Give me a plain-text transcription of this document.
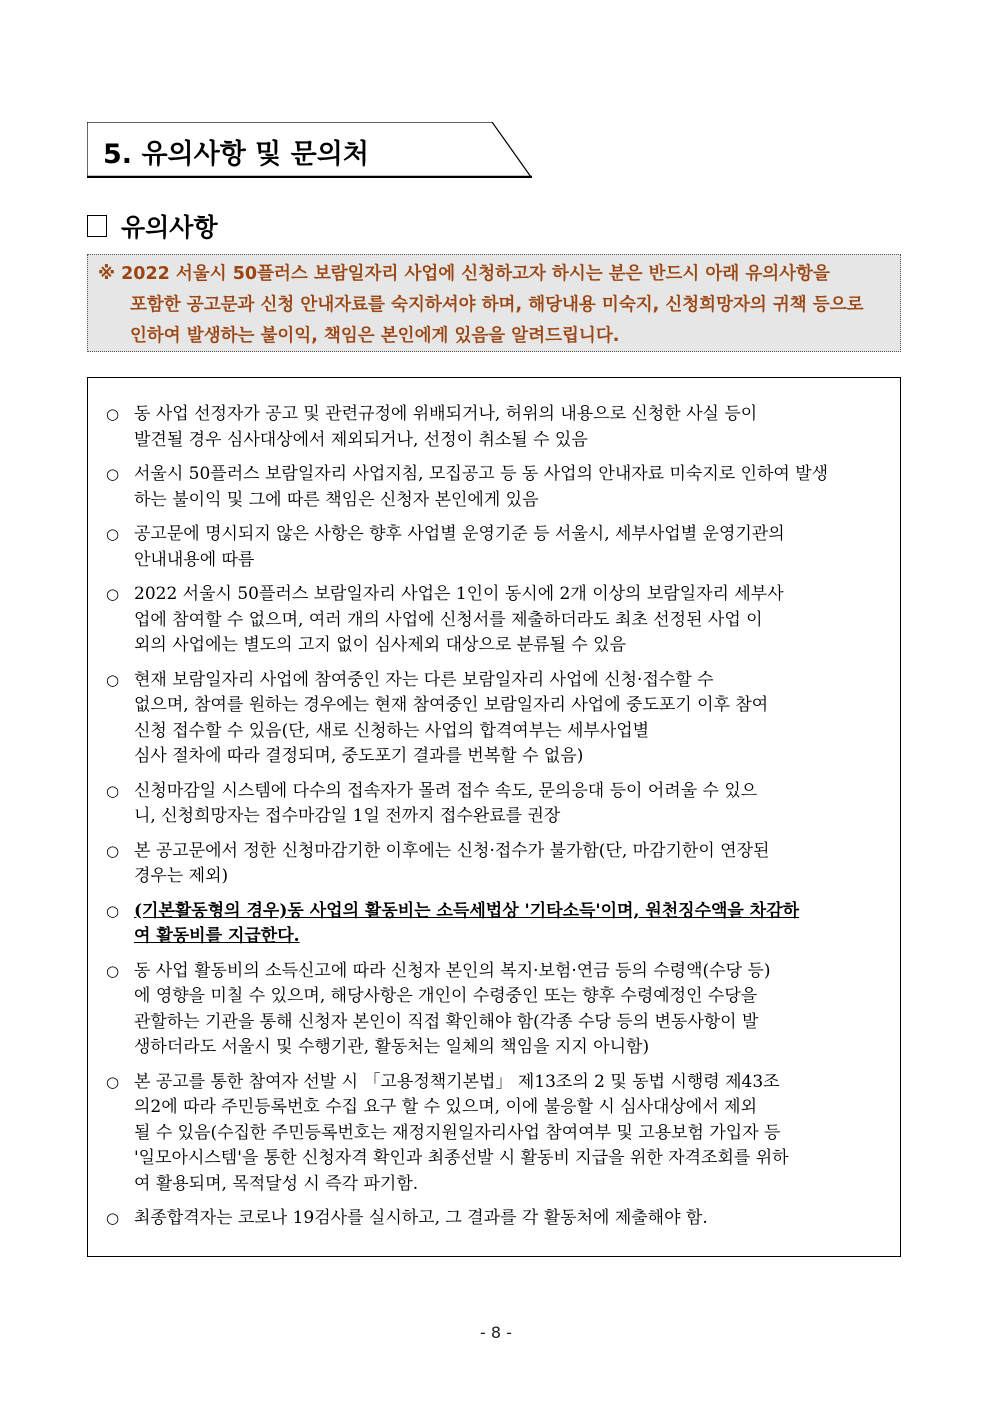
5. 유의사항 및 문의처
유의사항
※ 2022 서울시 50플러스 보람일자리 사업에 신청하고자 하시는 분은 반드시 아래 유의사항을
포함한 공고문과 신청 안내자료를 숙지하셔야 하며, 해당내용 미숙지, 신청희망자의 귀책 등으로
인하여 발생하는 불이익, 책임은 본인에게 있음을 알려드립니다.
○ 동 사업 선정자가 공고 및 관련규정에 위배되거나, 허위의 내용으로 신청한 사실 등이
발견될 경우 심사대상에서 제외되거나, 선정이 취소될 수 있음
○ 서울시 50플러스 보람일자리 사업지침, 모집공고 등 동 사업의 안내자료 미숙지로 인하여 발생
하는 불이익 및 그에 따른 책임은 신청자 본인에게 있음
○ 공고문에 명시되지 않은 사항은 향후 사업별 운영기준 등 서울시, 세부사업별 운영기관의
안내내용에 따름
○ 2022 서울시 50플러스 보람일자리 사업은 1인이 동시에 2개 이상의 보람일자리 세부사
업에 참여할 수 없으며, 여러 개의 사업에 신청서를 제출하더라도 최초 선정된 사업 이
외의 사업에는 별도의 고지 없이 심사제외 대상으로 분류될 수 있음
○ 현재 보람일자리 사업에 참여중인 자는 다른 보람일자리 사업에 신청·접수할 수
없으며, 참여를 원하는 경우에는 현재 참여중인 보람일자리 사업에 중도포기 이후 참여
신청 접수할 수 있음(단, 새로 신청하는 사업의 합격여부는 세부사업별
심사 절차에 따라 결정되며, 중도포기 결과를 번복할 수 없음)
○ 신청마감일 시스템에 다수의 접속자가 몰려 접수 속도, 문의응대 등이 어려울 수 있으
니, 신청희망자는 접수마감일 1일 전까지 접수완료를 권장
○ 본 공고문에서 정한 신청마감기한 이후에는 신청·접수가 불가함(단, 마감기한이 연장된
경우는 제외)
○ (기본활동형의 경우)동 사업의 활동비는 소득세법상 '기타소득'이며, 원천징수액을 차감하
여 활동비를 지급한다.
○ 동 사업 활동비의 소득신고에 따라 신청자 본인의 복지·보험·연금 등의 수령액(수당 등)
에 영향을 미칠 수 있으며, 해당사항은 개인이 수령중인 또는 향후 수령예정인 수당을
관할하는 기관을 통해 신청자 본인이 직접 확인해야 함(각종 수당 등의 변동사항이 발
생하더라도 서울시 및 수행기관, 활동처는 일체의 책임을 지지 아니함)
○ 본 공고를 통한 참여자 선발 시 「고용정책기본법」 제13조의 2 및 동법 시행령 제43조
의2에 따라 주민등록번호 수집 요구 할 수 있으며, 이에 불응할 시 심사대상에서 제외
될 수 있음(수집한 주민등록번호는 재정지원일자리사업 참여여부 및 고용보험 가입자 등
'일모아시스템'을 통한 신청자격 확인과 최종선발 시 활동비 지급을 위한 자격조회를 위하
여 활용되며, 목적달성 시 즉각 파기함.
○ 최종합격자는 코로나 19검사를 실시하고, 그 결과를 각 활동처에 제출해야 함.
- 8 -
